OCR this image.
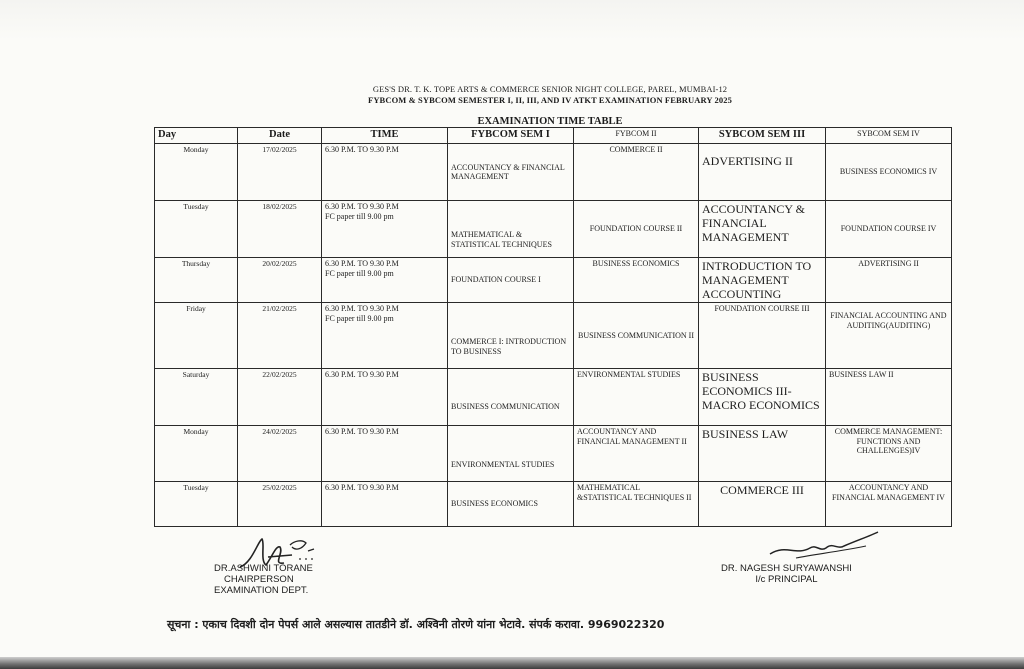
GES'S DR. T. K. TOPE ARTS & COMMERCE SENIOR NIGHT COLLEGE, PAREL, MUMBAI-12
FYBCOM & SYBCOM SEMESTER I, II, III, AND IV ATKT EXAMINATION FEBRUARY 2025
EXAMINATION TIME TABLE
Day	Date	TIME	FYBCOM SEM I	FYBCOM II	SYBCOM SEM III	SYBCOM SEM IV
Monday	17/02/2025	6.30 P.M. TO 9.30 P.M	ACCOUNTANCY & FINANCIAL MANAGEMENT	COMMERCE II	ADVERTISING II	BUSINESS ECONOMICS IV
Tuesday	18/02/2025	6.30 P.M. TO 9.30 P.M
FC paper till 9.00 pm	MATHEMATICAL & STATISTICAL TECHNIQUES	FOUNDATION COURSE II	ACCOUNTANCY & FINANCIAL MANAGEMENT	FOUNDATION COURSE IV
Thursday	20/02/2025	6.30 P.M. TO 9.30 P.M
FC paper till 9.00 pm	FOUNDATION COURSE I	BUSINESS ECONOMICS	INTRODUCTION TO MANAGEMENT ACCOUNTING	ADVERTISING II
Friday	21/02/2025	6.30 P.M. TO 9.30 P.M
FC paper till 9.00 pm	COMMERCE I: INTRODUCTION TO BUSINESS	BUSINESS COMMUNICATION II	FOUNDATION COURSE III	FINANCIAL ACCOUNTING AND AUDITING(AUDITING)
Saturday	22/02/2025	6.30 P.M. TO 9.30 P.M	BUSINESS COMMUNICATION	ENVIRONMENTAL STUDIES	BUSINESS ECONOMICS III- MACRO ECONOMICS	BUSINESS LAW II
Monday	24/02/2025	6.30 P.M. TO 9.30 P.M	ENVIRONMENTAL STUDIES	ACCOUNTANCY AND FINANCIAL MANAGEMENT II	BUSINESS LAW	COMMERCE MANAGEMENT: FUNCTIONS AND CHALLENGES)IV
Tuesday	25/02/2025	6.30 P.M. TO 9.30 P.M	BUSINESS ECONOMICS	MATHEMATICAL &STATISTICAL TECHNIQUES II	COMMERCE III	ACCOUNTANCY AND FINANCIAL MANAGEMENT IV
DR.ASHWINI TORANE
CHAIRPERSON
EXAMINATION DEPT.
DR. NAGESH SURYAWANSHI
I/c PRINCIPAL
सूचना : एकाच दिवशी दोन पेपर्स आले असल्यास तातडीने डॉ. अश्विनी तोरणे यांना भेटावे. संपर्क करावा. 9969022320
